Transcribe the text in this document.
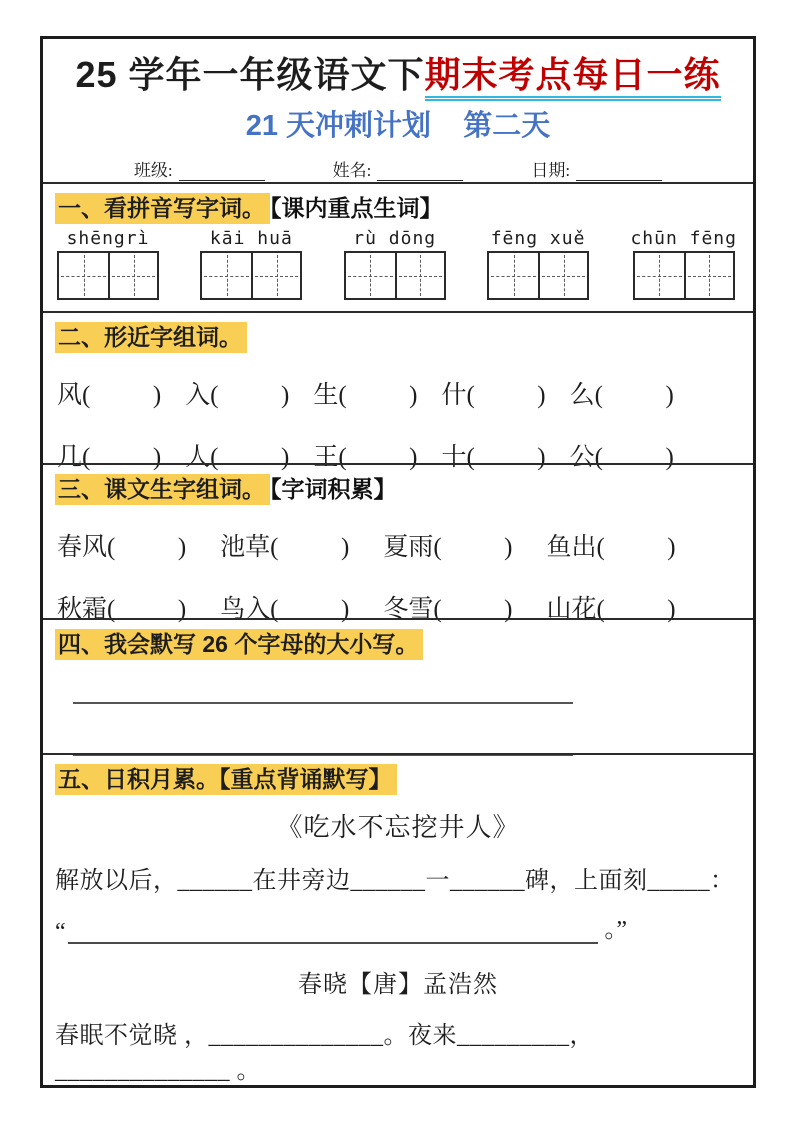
25 学年一年级语文下期末考点每日一练
21 天冲刺计划    第二天
班级:	姓名:	日期:
一、看拼音写字词。 【课内重点生词】
shēngrì	kāi huā	rù dōng	fēng xuě	chūn fēng
二、形近字组词。
风(          ) 入(          ) 生(          ) 什(          ) 么(          )
几(          ) 人(          ) 王(          ) 十(          ) 公(          )
三、课文生字组词。 【字词积累】
春风(          ) 池草(          ) 夏雨(          ) 鱼出(          )
秋霜(          ) 鸟入(          ) 冬雪(          ) 山花(          )
四、我会默写 26 个字母的大小写。
五、日积月累。【重点背诵默写】
《吃水不忘挖井人》
解放以后，______在井旁边______一______碑，上面刻_____：
“	。”
春晓【唐】孟浩然
春眠不觉晓 ，______________。夜来_________， ______________ 。
